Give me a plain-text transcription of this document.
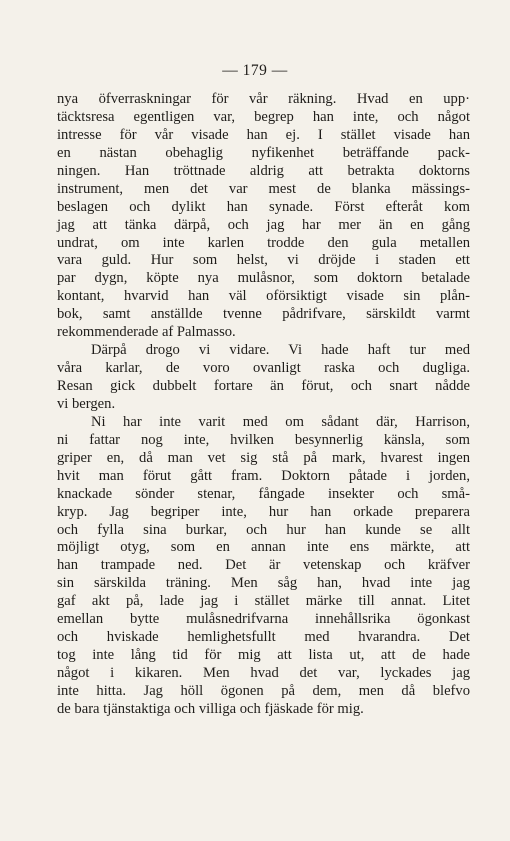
— 179 —
nya öfverraskningar för vår räkning. Hvad en upp·
täcktsresa egentligen var, begrep han inte, och något
intresse för vår visade han ej. I stället visade han
en nästan obehaglig nyfikenhet beträffande pack-
ningen. Han tröttnade aldrig att betrakta doktorns
instrument, men det var mest de blanka mässings-
beslagen och dylikt han synade. Först efteråt kom
jag att tänka därpå, och jag har mer än en gång
undrat, om inte karlen trodde den gula metallen
vara guld. Hur som helst, vi dröjde i staden ett
par dygn, köpte nya mulåsnor, som doktorn betalade
kontant, hvarvid han väl oförsiktigt visade sin plån-
bok, samt anställde tvenne pådrifvare, särskildt varmt
rekommenderade af Palmasso.
Därpå drogo vi vidare. Vi hade haft tur med
våra karlar, de voro ovanligt raska och dugliga.
Resan gick dubbelt fortare än förut, och snart nådde
vi bergen.
Ni har inte varit med om sådant där, Harrison,
ni fattar nog inte, hvilken besynnerlig känsla, som
griper en, då man vet sig stå på mark, hvarest ingen
hvit man förut gått fram. Doktorn påtade i jorden,
knackade sönder stenar, fångade insekter och små-
kryp. Jag begriper inte, hur han orkade preparera
och fylla sina burkar, och hur han kunde se allt
möjligt otyg, som en annan inte ens märkte, att
han trampade ned. Det är vetenskap och kräfver
sin särskilda träning. Men såg han, hvad inte jag
gaf akt på, lade jag i stället märke till annat. Litet
emellan bytte mulåsnedrifvarna innehållsrika ögonkast
och hviskade hemlighetsfullt med hvarandra. Det
tog inte lång tid för mig att lista ut, att de hade
något i kikaren. Men hvad det var, lyckades jag
inte hitta. Jag höll ögonen på dem, men då blefvo
de bara tjänstaktiga och villiga och fjäskade för mig.
